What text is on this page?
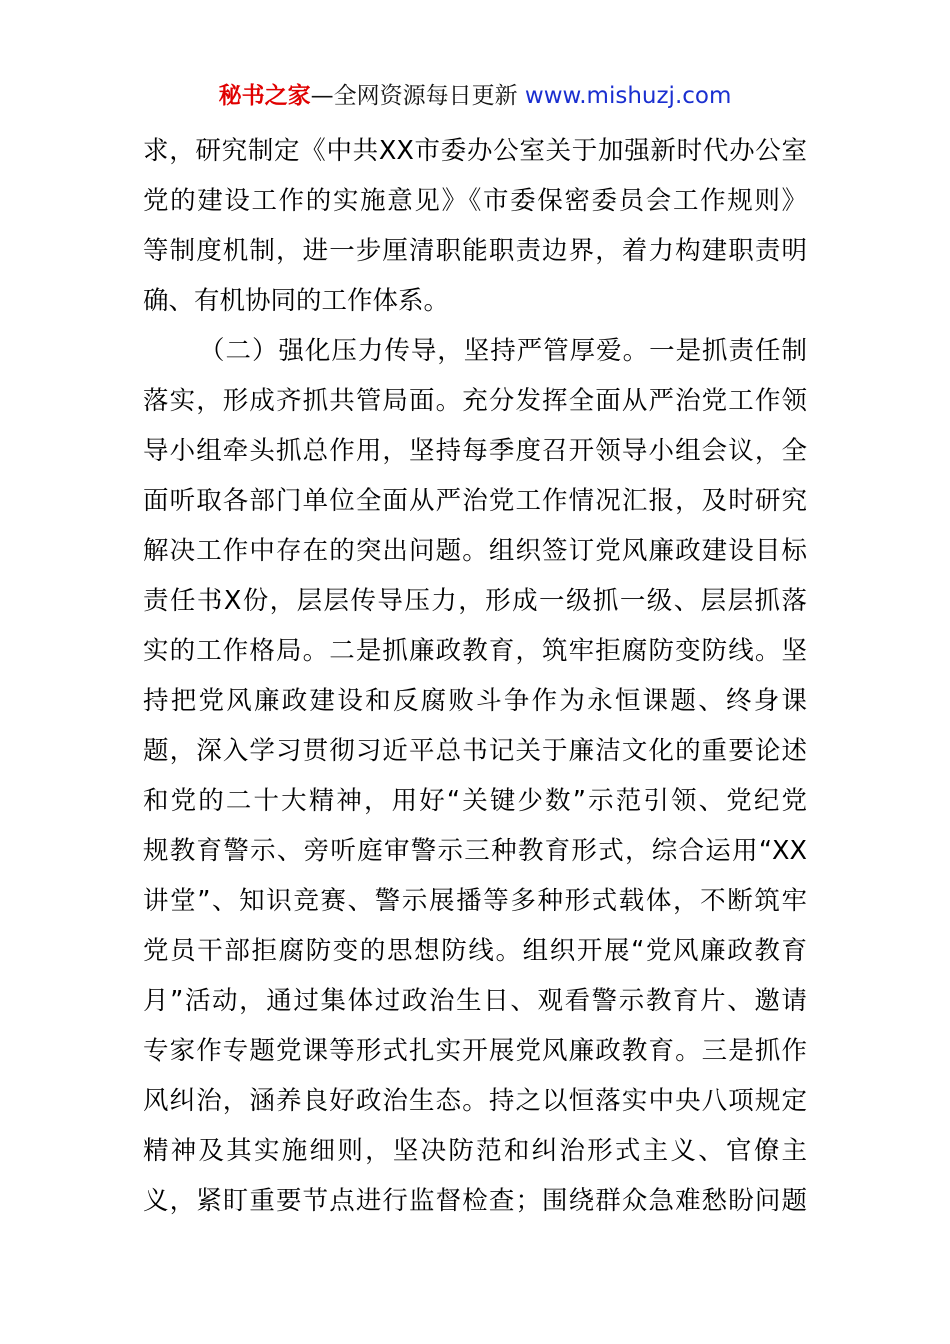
秘书之家—全网资源每日更新 www.mishuzj.com
求，研究制定《中共XX市委办公室关于加强新时代办公室
党的建设工作的实施意见》《市委保密委员会工作规则》
等制度机制，进一步厘清职能职责边界，着力构建职责明
确、有机协同的工作体系。
（二）强化压力传导，坚持严管厚爱。一是抓责任制
落实，形成齐抓共管局面。充分发挥全面从严治党工作领
导小组牵头抓总作用，坚持每季度召开领导小组会议，全
面听取各部门单位全面从严治党工作情况汇报，及时研究
解决工作中存在的突出问题。组织签订党风廉政建设目标
责任书X份，层层传导压力，形成一级抓一级、层层抓落
实的工作格局。二是抓廉政教育，筑牢拒腐防变防线。坚
持把党风廉政建设和反腐败斗争作为永恒课题、终身课
题，深入学习贯彻习近平总书记关于廉洁文化的重要论述
和党的二十大精神，用好“关键少数”示范引领、党纪党
规教育警示、旁听庭审警示三种教育形式，综合运用“XX
讲堂”、知识竞赛、警示展播等多种形式载体，不断筑牢
党员干部拒腐防变的思想防线。组织开展“党风廉政教育
月”活动，通过集体过政治生日、观看警示教育片、邀请
专家作专题党课等形式扎实开展党风廉政教育。三是抓作
风纠治，涵养良好政治生态。持之以恒落实中央八项规定
精神及其实施细则，坚决防范和纠治形式主义、官僚主
义，紧盯重要节点进行监督检查；围绕群众急难愁盼问题
